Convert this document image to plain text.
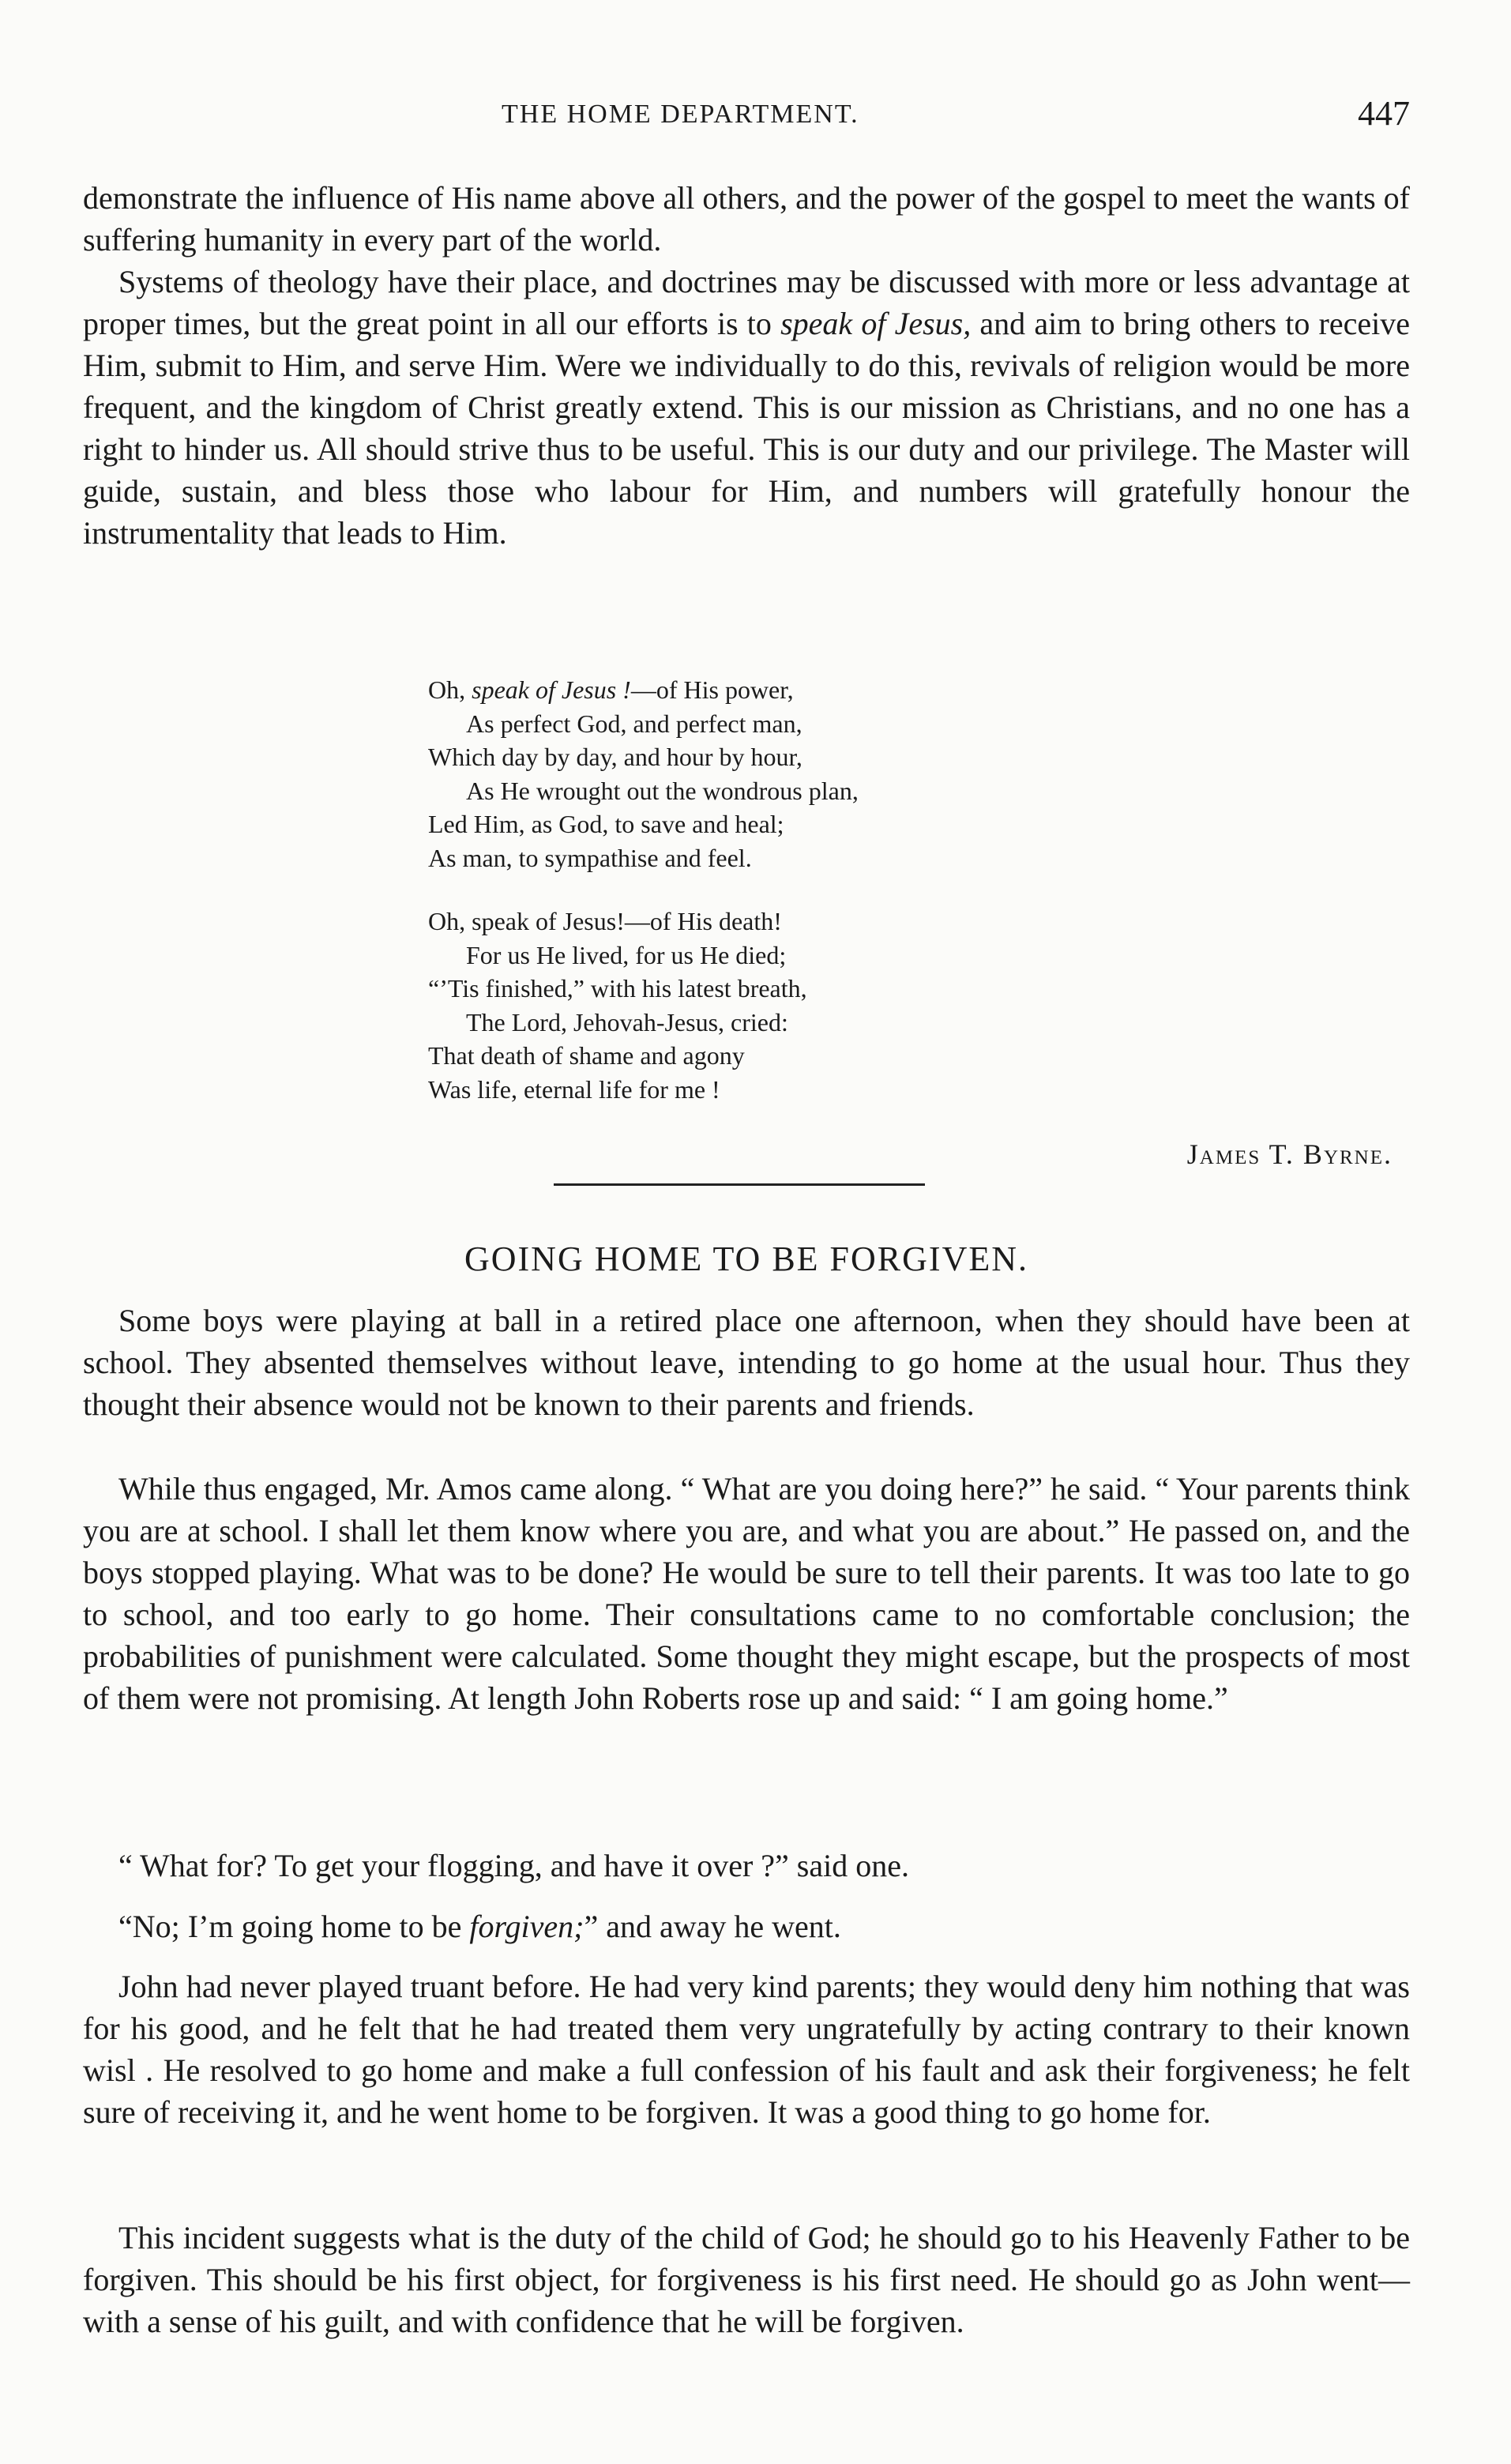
THE HOME DEPARTMENT.	447

demonstrate the influence of His name above all others, and the power of the gospel to meet the wants of suffering humanity in every part of the world.

Systems of theology have their place, and doctrines may be discussed with more or less advantage at proper times, but the great point in all our efforts is to speak of Jesus, and aim to bring others to receive Him, submit to Him, and serve Him. Were we individually to do this, revivals of religion would be more frequent, and the kingdom of Christ greatly extend. This is our mission as Christians, and no one has a right to hinder us. All should strive thus to be useful. This is our duty and our privilege. The Master will guide, sustain, and bless those who labour for Him, and numbers will gratefully honour the instrumentality that leads to Him.

Oh, speak of Jesus !—of His power,
As perfect God, and perfect man,
Which day by day, and hour by hour,
As He wrought out the wondrous plan,
Led Him, as God, to save and heal;
As man, to sympathise and feel.
Oh, speak of Jesus!—of His death!
For us He lived, for us He died;
“’Tis finished,” with his latest breath,
The Lord, Jehovah-Jesus, cried:
That death of shame and agony
Was life, eternal life for me !
James T. Byrne.
GOING HOME TO BE FORGIVEN.

Some boys were playing at ball in a retired place one afternoon, when they should have been at school. They absented themselves without leave, intending to go home at the usual hour. Thus they thought their absence would not be known to their parents and friends.

While thus engaged, Mr. Amos came along. “ What are you doing here?” he said. “ Your parents think you are at school. I shall let them know where you are, and what you are about.” He passed on, and the boys stopped playing. What was to be done? He would be sure to tell their parents. It was too late to go to school, and too early to go home. Their consultations came to no comfortable conclusion; the probabilities of punishment were calculated. Some thought they might escape, but the prospects of most of them were not promising. At length John Roberts rose up and said: “ I am going home.”

“ What for? To get your flogging, and have it over ?” said one.

“No; I’m going home to be forgiven;” and away he went.

John had never played truant before. He had very kind parents; they would deny him nothing that was for his good, and he felt that he had treated them very ungratefully by acting contrary to their known wisl . He resolved to go home and make a full confession of his fault and ask their forgiveness; he felt sure of receiving it, and he went home to be forgiven. It was a good thing to go home for.

This incident suggests what is the duty of the child of God; he should go to his Heavenly Father to be forgiven. This should be his first object, for forgiveness is his first need. He should go as John went—with a sense of his guilt, and with confidence that he will be forgiven.
